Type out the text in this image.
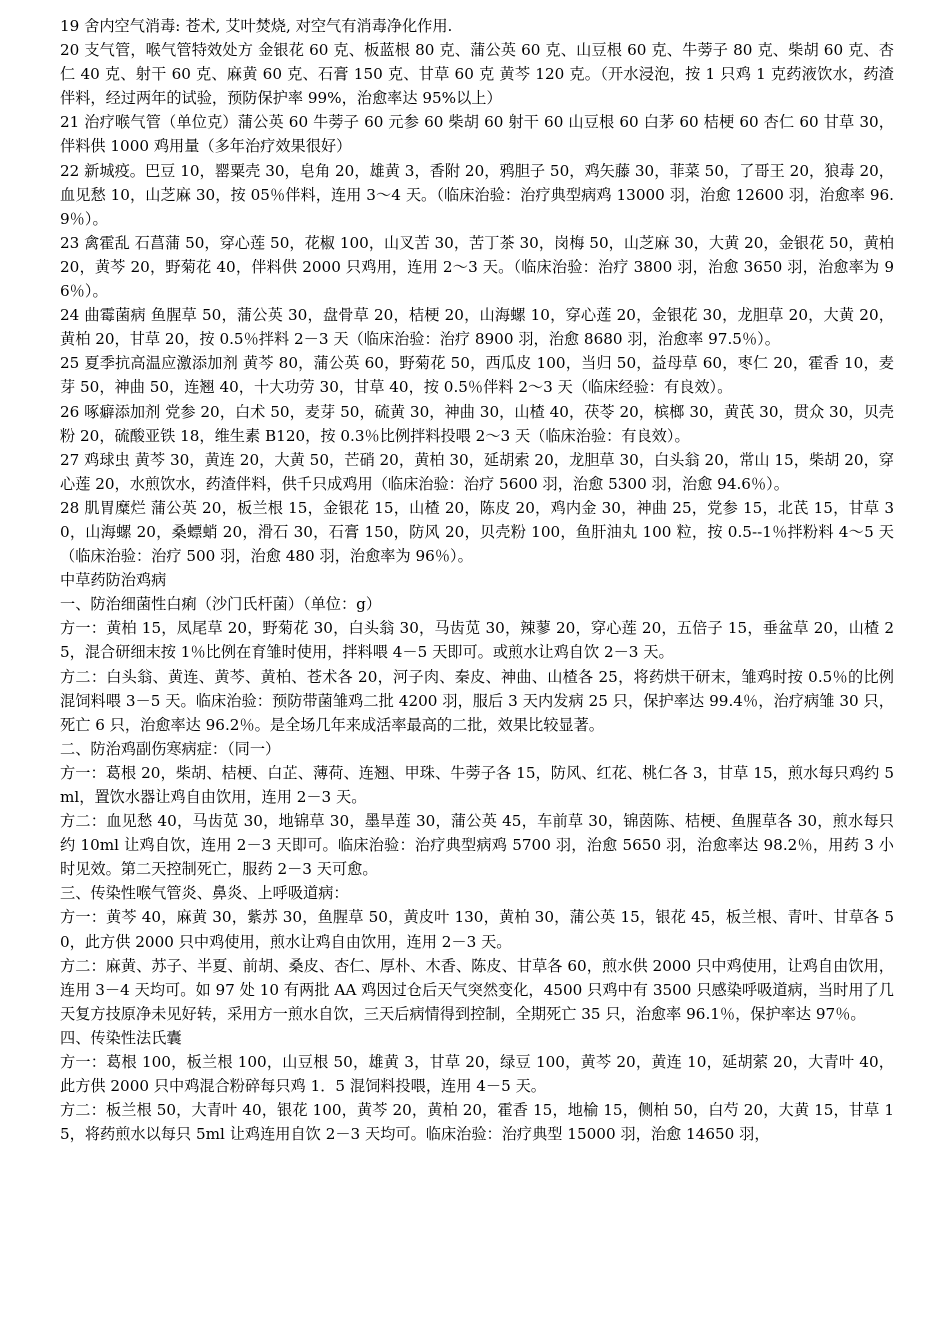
19 舍内空气消毒: 苍术, 艾叶焚烧, 对空气有消毒净化作用.

20 支气管，喉气管特效处方 金银花 60 克、板蓝根 80 克、蒲公英 60 克、山豆根 60 克、牛蒡子 80 克、柴胡 60 克、杏仁 40 克、射干 60 克、麻黄 60 克、石膏 150 克、甘草 60 克 黄芩 120 克。（开水浸泡，按 1 只鸡 1 克药液饮水，药渣伴料，经过两年的试验，预防保护率 99%，治愈率达 95%以上）

21 治疗喉气管（单位克）蒲公英 60 牛蒡子 60 元参 60 柴胡 60 射干 60 山豆根 60 白茅 60 桔梗 60 杏仁 60 甘草 30，伴料供 1000 鸡用量（多年治疗效果很好）

22 新城疫。巴豆 10，罂粟壳 30，皂角 20，雄黄 3，香附 20，鸦胆子 50，鸡矢藤 30，菲菜 50，了哥王 20，狼毒 20，血见愁 10，山芝麻 30，按 05％伴料，连用 3～4 天。（临床治验：治疗典型病鸡 13000 羽，治愈 12600 羽，治愈率 96.9％）。

23 禽霍乱 石菖蒲 50，穿心莲 50，花椒 100，山叉苦 30，苦丁茶 30，岗梅 50，山芝麻 30，大黄 20，金银花 50，黄柏 20，黄芩 20，野菊花 40，伴料供 2000 只鸡用，连用 2～3 天。（临床治验：治疗 3800 羽，治愈 3650 羽，治愈率为 96％）。

24 曲霉菌病 鱼腥草 50，蒲公英 30，盘骨草 20，桔梗 20，山海螺 10，穿心莲 20，金银花 30，龙胆草 20，大黄 20，黄柏 20，甘草 20，按 0.5％拌料 2－3 天（临床治验：治疗 8900 羽，治愈 8680 羽，治愈率 97.5％）。

25 夏季抗高温应激添加剂 黄芩 80，蒲公英 60，野菊花 50，西瓜皮 100，当归 50，益母草 60，枣仁 20，霍香 10，麦芽 50，神曲 50，连翘 40，十大功劳 30，甘草 40，按 0.5％伴料 2～3 天（临床经验：有良效）。

26 啄癖添加剂 党参 20，白术 50，麦芽 50，硫黄 30，神曲 30，山楂 40，茯苓 20，槟榔 30，黄芪 30，贯众 30，贝壳粉 20，硫酸亚铁 18，维生素 B120，按 0.3％比例拌料投喂 2～3 天（临床治验：有良效）。

27 鸡球虫 黄芩 30，黄连 20，大黄 50，芒硝 20，黄柏 30，延胡索 20，龙胆草 30，白头翁 20，常山 15，柴胡 20，穿心莲 20，水煎饮水，药渣伴料，供千只成鸡用（临床治验：治疗 5600 羽，治愈 5300 羽，治愈 94.6％）。

28 肌胃糜烂 蒲公英 20，板兰根 15，金银花 15，山楂 20，陈皮 20，鸡内金 30，神曲 25，党参 15，北芪 15，甘草 30，山海螺 20，桑螵蛸 20，滑石 30，石膏 150，防风 20，贝壳粉 100，鱼肝油丸 100 粒，按 0.5--1％拌粉料 4～5 天（临床治验：治疗 500 羽，治愈 480 羽，治愈率为 96％）。

中草药防治鸡病

一、防治细菌性白痢（沙门氏杆菌）（单位：g）

方一：黄柏 15，凤尾草 20，野菊花 30，白头翁 30，马齿苋 30，辣蓼 20，穿心莲 20，五倍子 15，垂盆草 20，山楂 25，混合研细末按 1％比例在育雏时使用，拌料喂 4－5 天即可。或煎水让鸡自饮 2－3 天。

方二：白头翁、黄连、黄芩、黄柏、苍术各 20，河子肉、秦皮、神曲、山楂各 25，将药烘干研末，雏鸡时按 0.5％的比例混饲料喂 3－5 天。临床治验：预防带菌雏鸡二批 4200 羽，服后 3 天内发病 25 只，保护率达 99.4％，治疗病雏 30 只，死亡 6 只，治愈率达 96.2％。是全场几年来成活率最高的二批，效果比较显著。

二、防治鸡副伤寒病症：（同一）

方一：葛根 20，柴胡、桔梗、白芷、薄荷、连翘、甲珠、牛蒡子各 15，防风、红花、桃仁各 3，甘草 15，煎水每只鸡约 5ml，置饮水器让鸡自由饮用，连用 2－3 天。

方二：血见愁 40，马齿苋 30，地锦草 30，墨旱莲 30，蒲公英 45，车前草 30，锦茵陈、桔梗、鱼腥草各 30，煎水每只约 10ml 让鸡自饮，连用 2－3 天即可。临床治验：治疗典型病鸡 5700 羽，治愈 5650 羽，治愈率达 98.2％，用药 3 小时见效。第二天控制死亡，服药 2－3 天可愈。

三、传染性喉气管炎、鼻炎、上呼吸道病：

方一：黄芩 40，麻黄 30，紫苏 30，鱼腥草 50，黄皮叶 130，黄柏 30，蒲公英 15，银花 45，板兰根、青叶、甘草各 50，此方供 2000 只中鸡使用，煎水让鸡自由饮用，连用 2－3 天。

方二：麻黄、苏子、半夏、前胡、桑皮、杏仁、厚朴、木香、陈皮、甘草各 60，煎水供 2000 只中鸡使用，让鸡自由饮用，连用 3－4 天均可。如 97 处 10 有两批 AA 鸡因过仓后天气突然变化，4500 只鸡中有 3500 只感染呼吸道病，当时用了几天复方技原净未见好转，采用方一煎水自饮，三天后病情得到控制，全期死亡 35 只，治愈率 96.1％，保护率达 97％。

四、传染性法氏囊

方一：葛根 100，板兰根 100，山豆根 50，雄黄 3，甘草 20，绿豆 100，黄芩 20，黄连 10，延胡萦 20，大青叶 40，此方供 2000 只中鸡混合粉碎每只鸡 1．5 混饲料投喂，连用 4－5 天。

方二：板兰根 50，大青叶 40，银花 100，黄芩 20，黄柏 20，霍香 15，地榆 15，侧柏 50，白芍 20，大黄 15，甘草 15，将药煎水以每只 5ml 让鸡连用自饮 2－3 天均可。临床治验：治疗典型 15000 羽，治愈 14650 羽，
